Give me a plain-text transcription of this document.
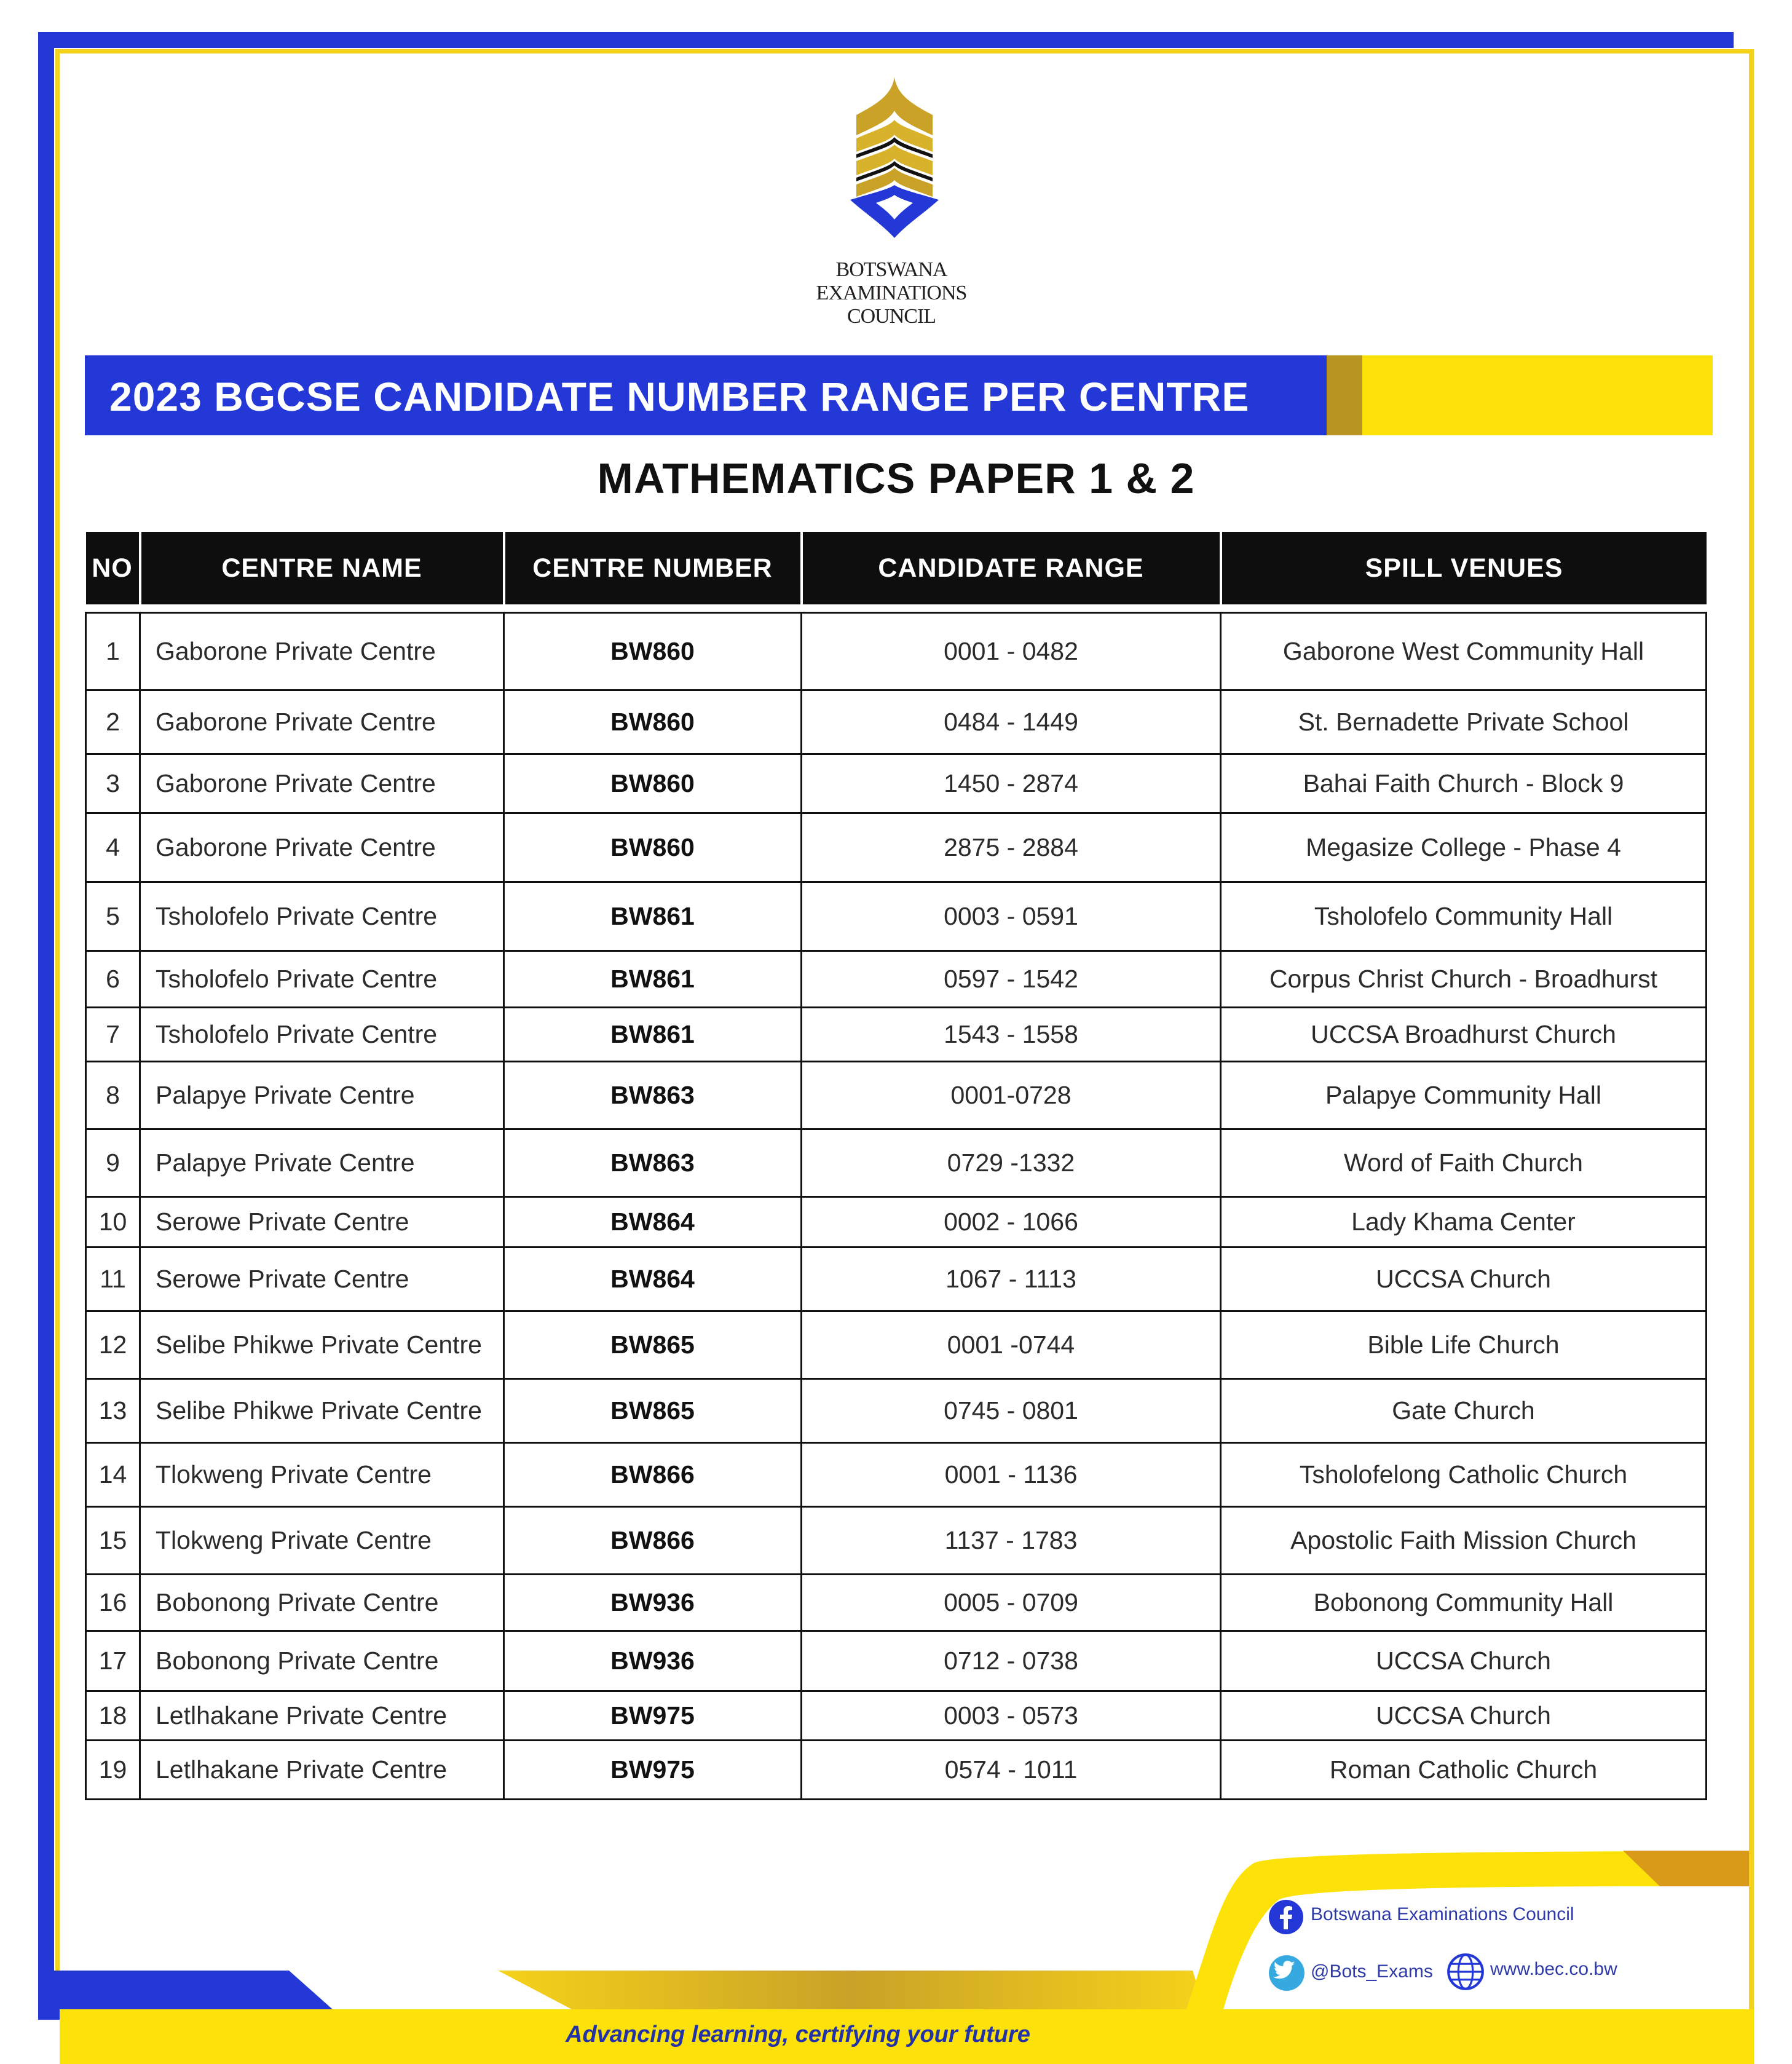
BOTSWANA
EXAMINATIONS
COUNCIL
2023 BGCSE CANDIDATE NUMBER RANGE PER CENTRE
MATHEMATICS PAPER 1 & 2
NO	CENTRE NAME	CENTRE NUMBER	CANDIDATE RANGE	SPILL VENUES

1	Gaborone Private Centre	BW860	0001 - 0482	Gaborone West Community Hall
2	Gaborone Private Centre	BW860	0484 - 1449	St. Bernadette Private School
3	Gaborone Private Centre	BW860	1450 - 2874	Bahai Faith Church - Block 9
4	Gaborone Private Centre	BW860	2875 - 2884	Megasize College - Phase 4
5	Tsholofelo Private Centre	BW861	0003 - 0591	Tsholofelo Community Hall
6	Tsholofelo Private Centre	BW861	0597 - 1542	Corpus Christ Church - Broadhurst
7	Tsholofelo Private Centre	BW861	1543 - 1558	UCCSA Broadhurst Church
8	Palapye Private Centre	BW863	0001-0728	Palapye Community Hall
9	Palapye Private Centre	BW863	0729 -1332	Word of Faith Church
10	Serowe Private Centre	BW864	0002 - 1066	Lady Khama Center
11	Serowe Private Centre	BW864	1067 - 1113	UCCSA Church
12	Selibe Phikwe Private Centre	BW865	0001 -0744	Bible Life Church
13	Selibe Phikwe Private Centre	BW865	0745 - 0801	Gate Church
14	Tlokweng Private Centre	BW866	0001 - 1136	Tsholofelong Catholic Church
15	Tlokweng Private Centre	BW866	1137 - 1783	Apostolic Faith Mission Church
16	Bobonong Private Centre	BW936	0005 - 0709	Bobonong Community Hall
17	Bobonong Private Centre	BW936	0712 - 0738	UCCSA Church
18	Letlhakane Private Centre	BW975	0003 - 0573	UCCSA Church
19	Letlhakane Private Centre	BW975	0574 - 1011	Roman Catholic Church
Botswana Examinations Council
@Bots_Exams	www.bec.co.bw
Advancing learning, certifying your future
